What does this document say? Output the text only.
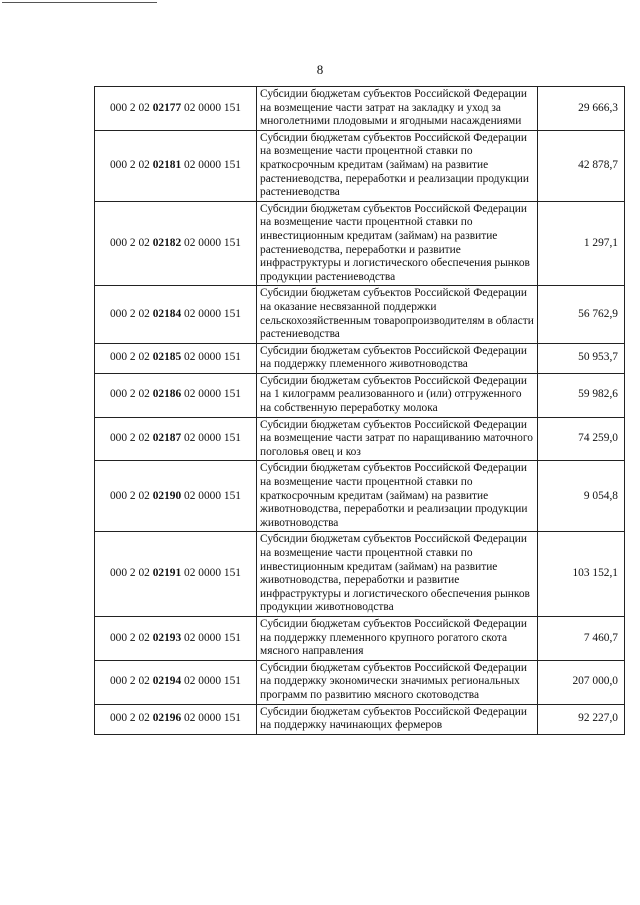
8
000 2 02 02177 02 0000 151	Субсидии бюджетам субъектов Российской Федерации на возмещение части затрат на закладку и уход за многолетними плодовыми и ягодными насаждениями	29 666,3
000 2 02 02181 02 0000 151	Субсидии бюджетам субъектов Российской Федерации на возмещение части процентной ставки по краткосрочным кредитам (займам) на развитие растениеводства, переработки и реализации продукции растениеводства	42 878,7
000 2 02 02182 02 0000 151	Субсидии бюджетам субъектов Российской Федерации на возмещение части процентной ставки по инвестиционным кредитам (займам) на развитие растениеводства, переработки и развитие инфраструктуры и логистического обеспечения рынков продукции растениеводства	1 297,1
000 2 02 02184 02 0000 151	Субсидии бюджетам субъектов Российской Федерации на оказание несвязанной поддержки сельскохозяйственным товаропроизводителям в области растениеводства	56 762,9
000 2 02 02185 02 0000 151	Субсидии бюджетам субъектов Российской Федерации на поддержку племенного животноводства	50 953,7
000 2 02 02186 02 0000 151	Субсидии бюджетам субъектов Российской Федерации на 1 килограмм реализованного и (или) отгруженного на собственную переработку молока	59 982,6
000 2 02 02187 02 0000 151	Субсидии бюджетам субъектов Российской Федерации на возмещение части затрат по наращиванию маточного поголовья овец и коз	74 259,0
000 2 02 02190 02 0000 151	Субсидии бюджетам субъектов Российской Федерации на возмещение части процентной ставки по краткосрочным кредитам (займам) на развитие животноводства, переработки и реализации продукции животноводства	9 054,8
000 2 02 02191 02 0000 151	Субсидии бюджетам субъектов Российской Федерации на возмещение части процентной ставки по инвестиционным кредитам (займам) на развитие животноводства, переработки и развитие инфраструктуры и логистического обеспечения рынков продукции животноводства	103 152,1
000 2 02 02193 02 0000 151	Субсидии бюджетам субъектов Российской Федерации на поддержку племенного крупного рогатого скота мясного направления	7 460,7
000 2 02 02194 02 0000 151	Субсидии бюджетам субъектов Российской Федерации на поддержку экономически значимых региональных программ по развитию мясного скотоводства	207 000,0
000 2 02 02196 02 0000 151	Субсидии бюджетам субъектов Российской Федерации на поддержку начинающих фермеров	92 227,0
